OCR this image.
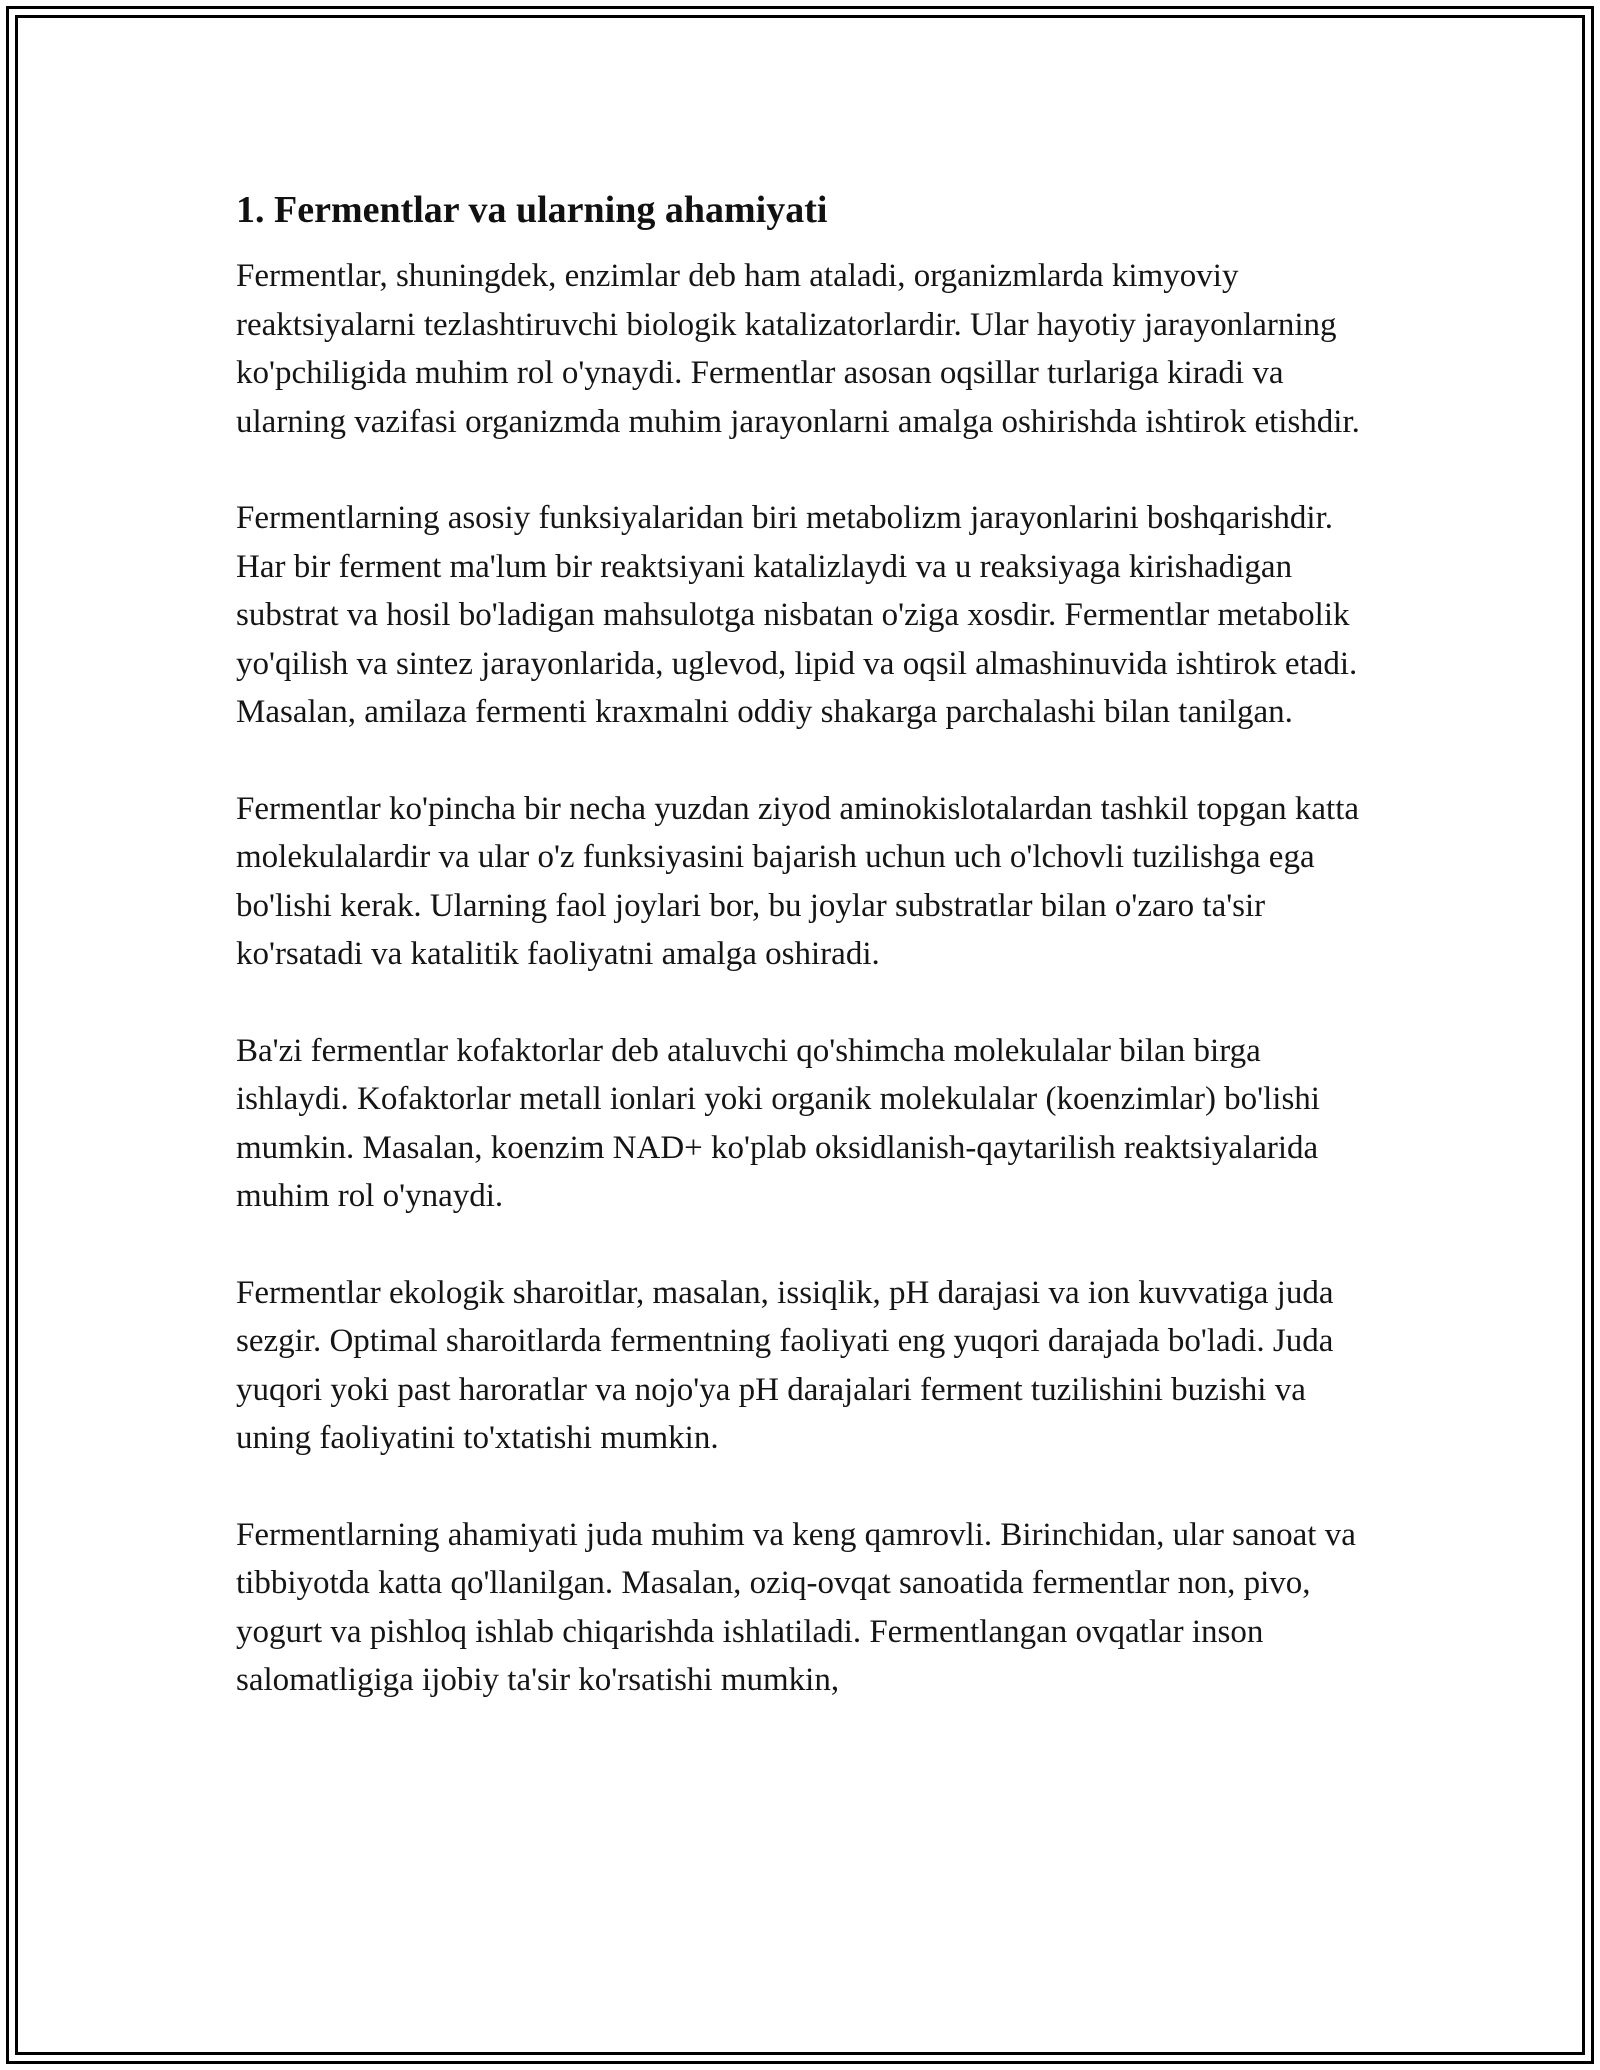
1. Fermentlar va ularning ahamiyati

Fermentlar, shuningdek, enzimlar deb ham ataladi, organizmlarda kimyoviy reaktsiyalarni tezlashtiruvchi biologik katalizatorlardir. Ular hayotiy jarayonlarning ko'pchiligida muhim rol o'ynaydi. Fermentlar asosan oqsillar turlariga kiradi va ularning vazifasi organizmda muhim jarayonlarni amalga oshirishda ishtirok etishdir.

Fermentlarning asosiy funksiyalaridan biri metabolizm jarayonlarini boshqarishdir. Har bir ferment ma'lum bir reaktsiyani katalizlaydi va u reaksiyaga kirishadigan substrat va hosil bo'ladigan mahsulotga nisbatan o'ziga xosdir. Fermentlar metabolik yo'qilish va sintez jarayonlarida, uglevod, lipid va oqsil almashinuvida ishtirok etadi. Masalan, amilaza fermenti kraxmalni oddiy shakarga parchalashi bilan tanilgan.

Fermentlar ko'pincha bir necha yuzdan ziyod aminokislotalardan tashkil topgan katta molekulalardir va ular o'z funksiyasini bajarish uchun uch o'lchovli tuzilishga ega bo'lishi kerak. Ularning faol joylari bor, bu joylar substratlar bilan o'zaro ta'sir ko'rsatadi va katalitik faoliyatni amalga oshiradi.

Ba'zi fermentlar kofaktorlar deb ataluvchi qo'shimcha molekulalar bilan birga ishlaydi. Kofaktorlar metall ionlari yoki organik molekulalar (koenzimlar) bo'lishi mumkin. Masalan, koenzim NAD+ ko'plab oksidlanish-qaytarilish reaktsiyalarida muhim rol o'ynaydi.

Fermentlar ekologik sharoitlar, masalan, issiqlik, pH darajasi va ion kuvvatiga juda sezgir. Optimal sharoitlarda fermentning faoliyati eng yuqori darajada bo'ladi. Juda yuqori yoki past haroratlar va nojo'ya pH darajalari ferment tuzilishini buzishi va uning faoliyatini to'xtatishi mumkin.

Fermentlarning ahamiyati juda muhim va keng qamrovli. Birinchidan, ular sanoat va tibbiyotda katta qo'llanilgan. Masalan, oziq-ovqat sanoatida fermentlar non, pivo, yogurt va pishloq ishlab chiqarishda ishlatiladi. Fermentlangan ovqatlar inson salomatligiga ijobiy ta'sir ko'rsatishi mumkin,
